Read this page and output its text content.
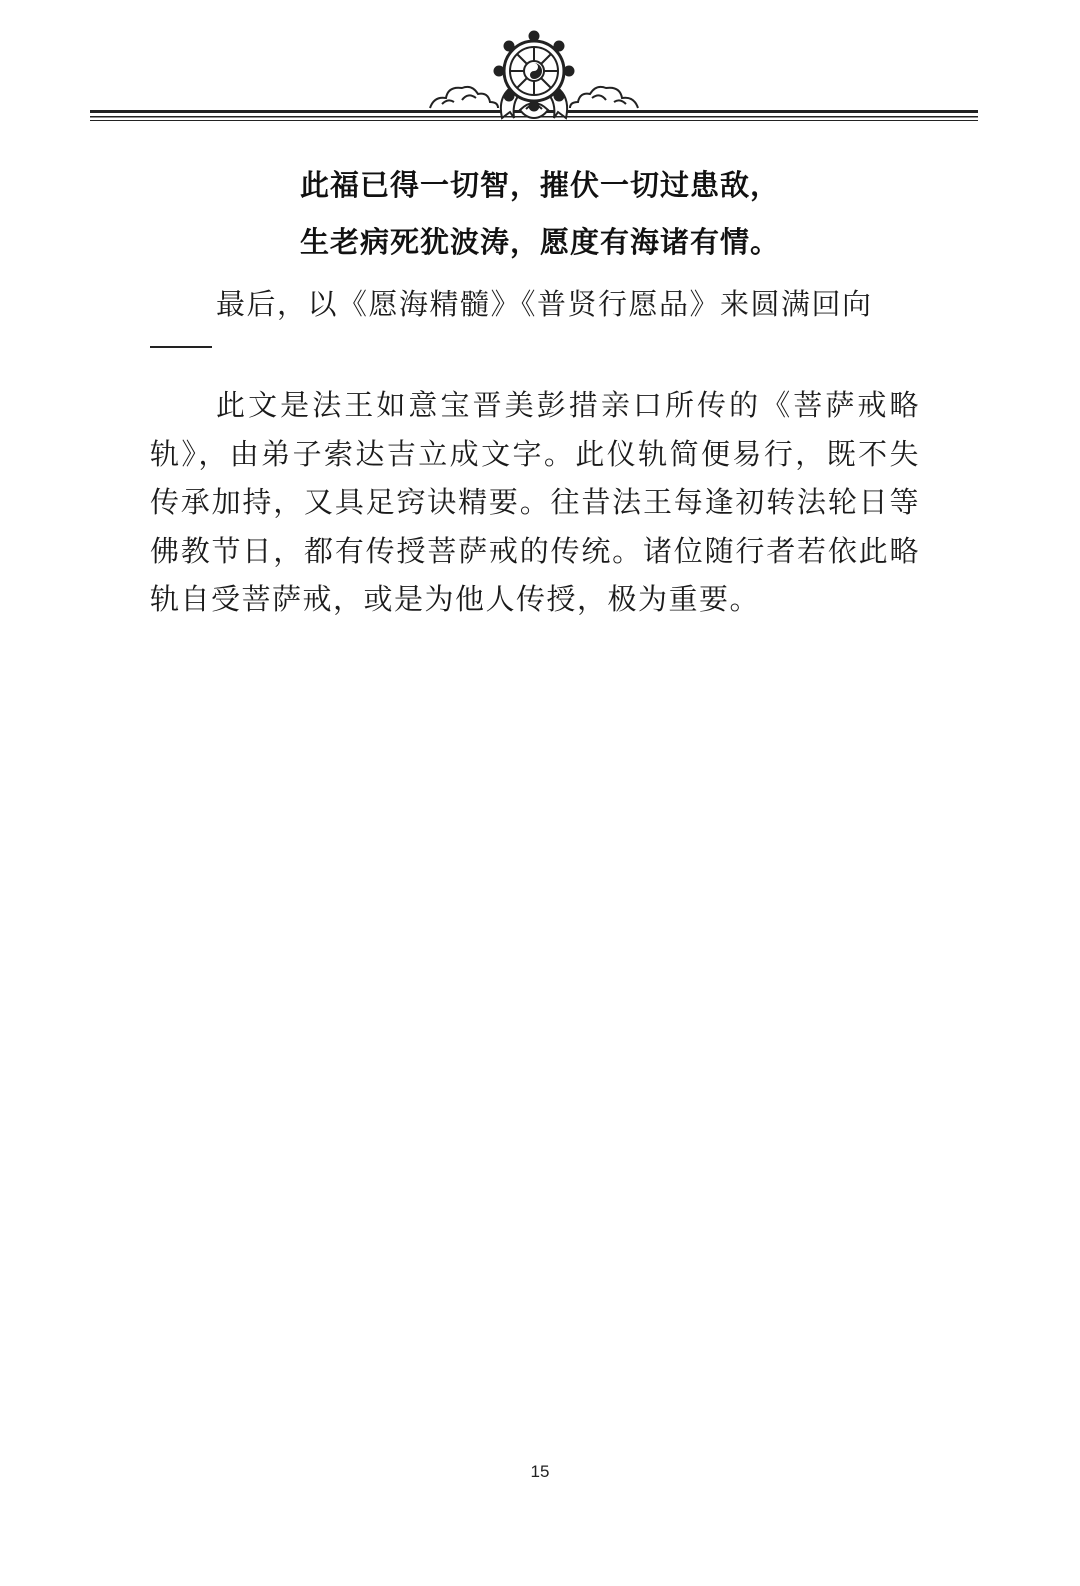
此福已得一切智，摧伏一切过患敌，
生老病死犹波涛，愿度有海诸有情。
最后，以《愿海精髓》《普贤行愿品》来圆满回向
此文是法王如意宝晋美彭措亲口所传的《菩萨戒略轨》，由弟子索达吉立成文字。此仪轨简便易行，既不失传承加持，又具足窍诀精要。往昔法王每逢初转法轮日等佛教节日，都有传授菩萨戒的传统。诸位随行者若依此略轨自受菩萨戒，或是为他人传授，极为重要。
15
